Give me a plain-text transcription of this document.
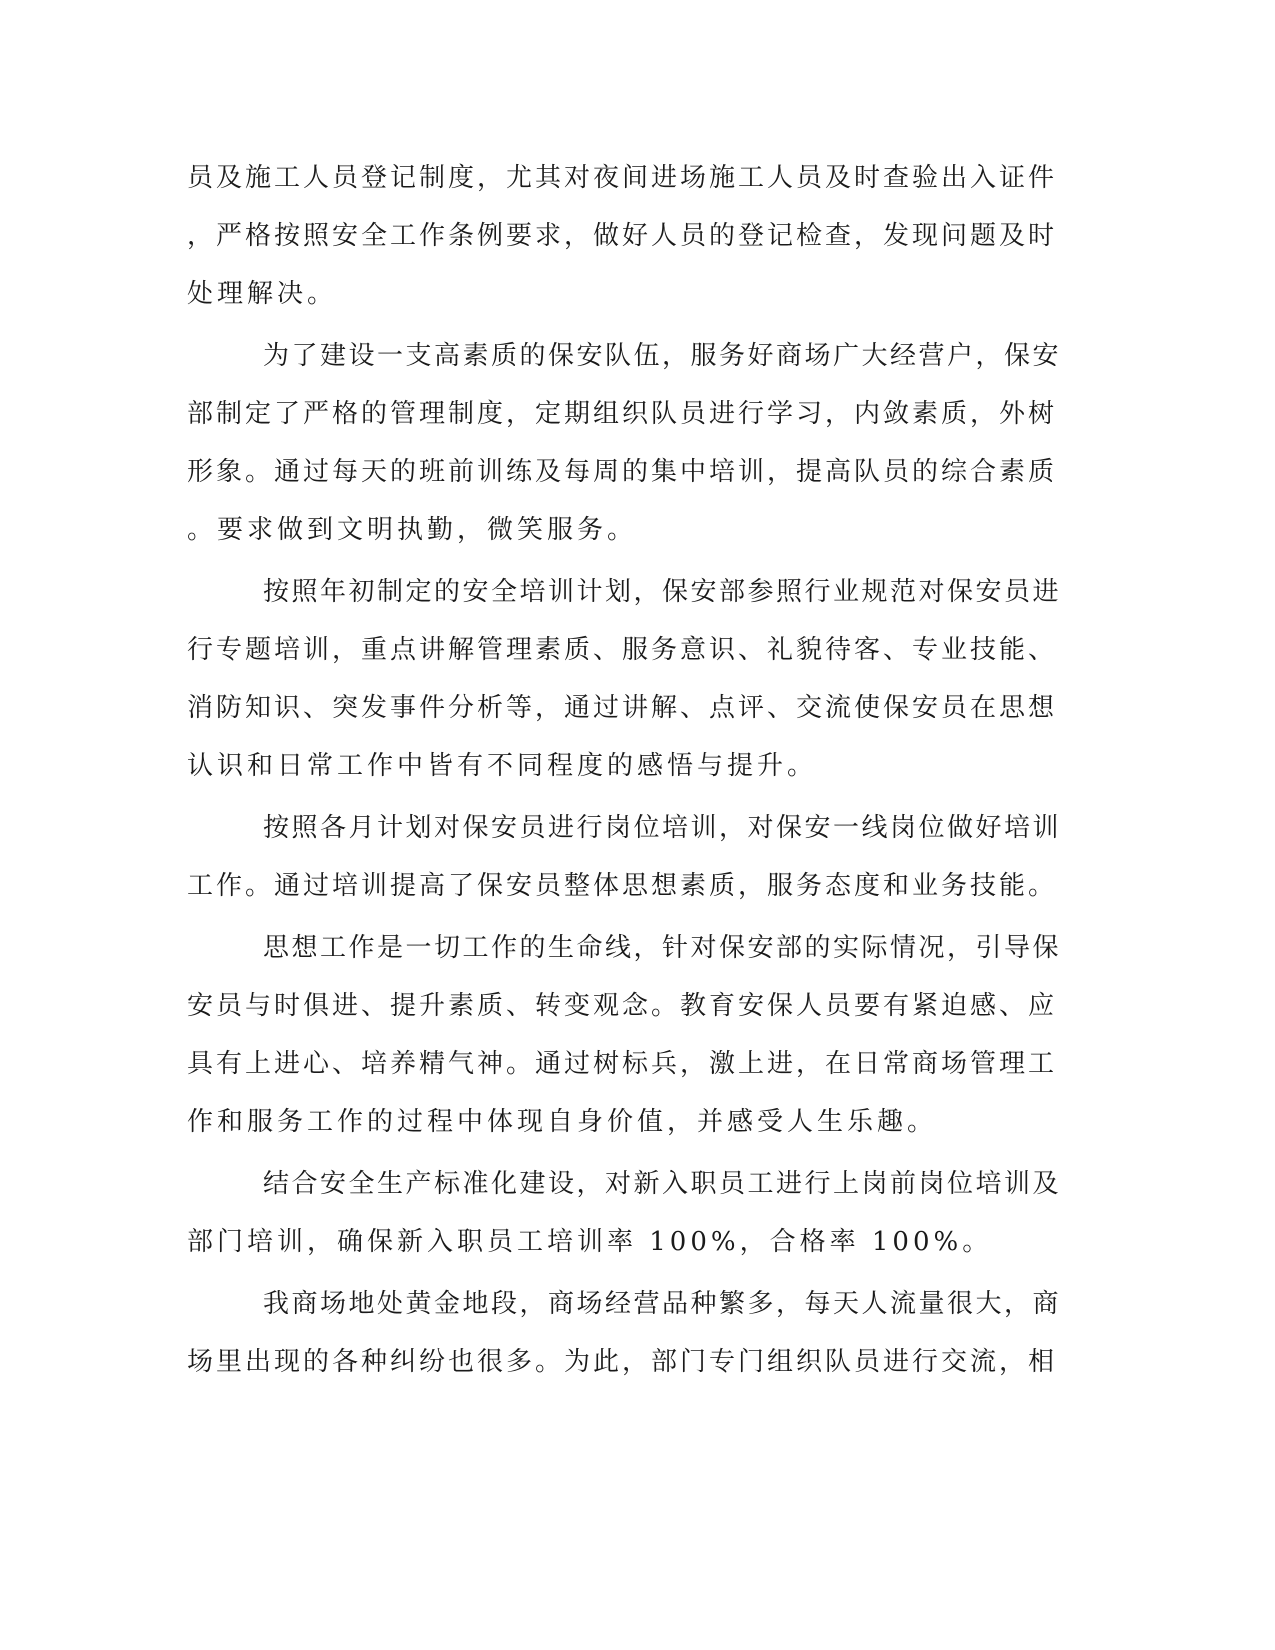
员及施工人员登记制度，尤其对夜间进场施工人员及时查验出入证件
，严格按照安全工作条例要求，做好人员的登记检查，发现问题及时
处理解决。
为了建设一支高素质的保安队伍，服务好商场广大经营户，保安
部制定了严格的管理制度，定期组织队员进行学习，内敛素质，外树
形象。通过每天的班前训练及每周的集中培训，提高队员的综合素质
。要求做到文明执勤，微笑服务。
按照年初制定的安全培训计划，保安部参照行业规范对保安员进
行专题培训，重点讲解管理素质、服务意识、礼貌待客、专业技能、
消防知识、突发事件分析等，通过讲解、点评、交流使保安员在思想
认识和日常工作中皆有不同程度的感悟与提升。
按照各月计划对保安员进行岗位培训，对保安一线岗位做好培训
工作。通过培训提高了保安员整体思想素质，服务态度和业务技能。
思想工作是一切工作的生命线，针对保安部的实际情况，引导保
安员与时俱进、提升素质、转变观念。教育安保人员要有紧迫感、应
具有上进心、培养精气神。通过树标兵，激上进，在日常商场管理工
作和服务工作的过程中体现自身价值，并感受人生乐趣。
结合安全生产标准化建设，对新入职员工进行上岗前岗位培训及
部门培训，确保新入职员工培训率 100%，合格率 100%。
我商场地处黄金地段，商场经营品种繁多，每天人流量很大，商
场里出现的各种纠纷也很多。为此，部门专门组织队员进行交流，相
